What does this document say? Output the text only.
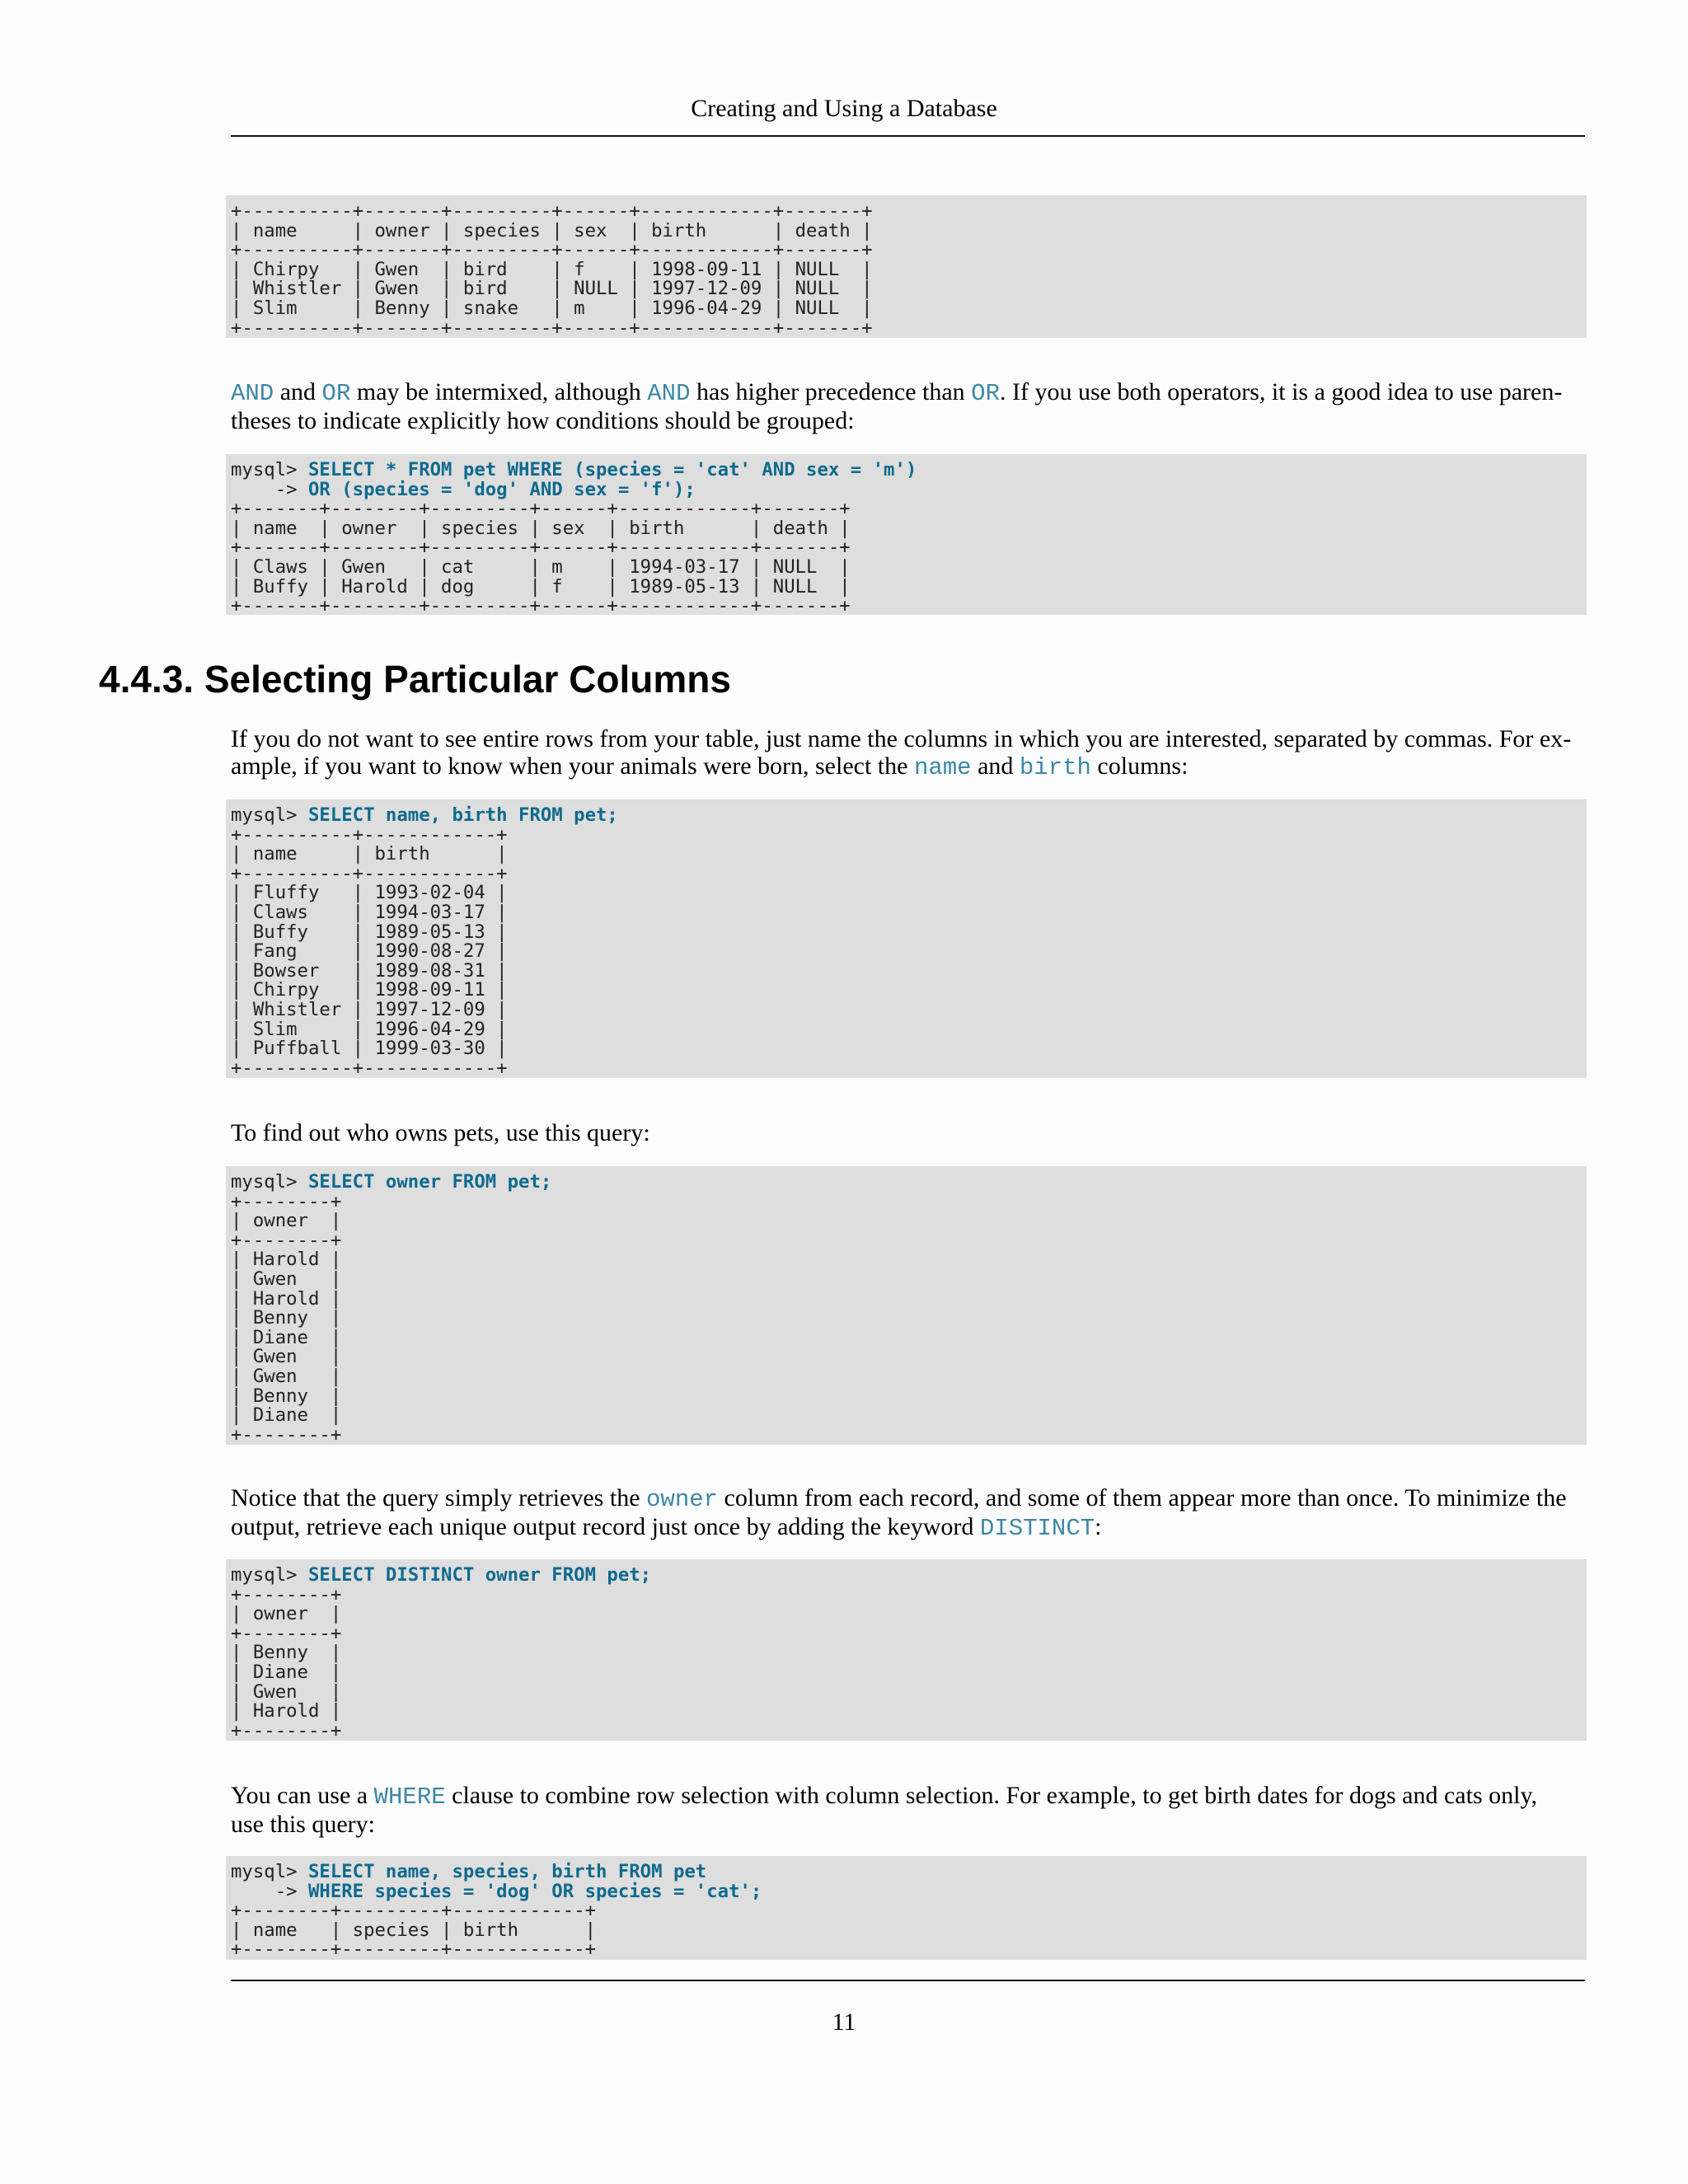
Creating and Using a Database
+----------+-------+---------+------+------------+-------+
| name     | owner | species | sex  | birth      | death |
+----------+-------+---------+------+------------+-------+
| Chirpy   | Gwen  | bird    | f    | 1998-09-11 | NULL  |
| Whistler | Gwen  | bird    | NULL | 1997-12-09 | NULL  |
| Slim     | Benny | snake   | m    | 1996-04-29 | NULL  |
+----------+-------+---------+------+------------+-------+
AND and OR may be intermixed, although AND has higher precedence than OR. If you use both operators, it is a good idea to use paren-
theses to indicate explicitly how conditions should be grouped:
mysql> SELECT * FROM pet WHERE (species = 'cat' AND sex = 'm')
-> OR (species = 'dog' AND sex = 'f');
+-------+--------+---------+------+------------+-------+
| name  | owner  | species | sex  | birth      | death |
+-------+--------+---------+------+------------+-------+
| Claws | Gwen   | cat     | m    | 1994-03-17 | NULL  |
| Buffy | Harold | dog     | f    | 1989-05-13 | NULL  |
+-------+--------+---------+------+------------+-------+
4.4.3. Selecting Particular Columns
If you do not want to see entire rows from your table, just name the columns in which you are interested, separated by commas. For ex-
ample, if you want to know when your animals were born, select the name and birth columns:
mysql> SELECT name, birth FROM pet;
+----------+------------+
| name     | birth      |
+----------+------------+
| Fluffy   | 1993-02-04 |
| Claws    | 1994-03-17 |
| Buffy    | 1989-05-13 |
| Fang     | 1990-08-27 |
| Bowser   | 1989-08-31 |
| Chirpy   | 1998-09-11 |
| Whistler | 1997-12-09 |
| Slim     | 1996-04-29 |
| Puffball | 1999-03-30 |
+----------+------------+
To find out who owns pets, use this query:
mysql> SELECT owner FROM pet;
+--------+
| owner  |
+--------+
| Harold |
| Gwen   |
| Harold |
| Benny  |
| Diane  |
| Gwen   |
| Gwen   |
| Benny  |
| Diane  |
+--------+
Notice that the query simply retrieves the owner column from each record, and some of them appear more than once. To minimize the
output, retrieve each unique output record just once by adding the keyword DISTINCT:
mysql> SELECT DISTINCT owner FROM pet;
+--------+
| owner  |
+--------+
| Benny  |
| Diane  |
| Gwen   |
| Harold |
+--------+
You can use a WHERE clause to combine row selection with column selection. For example, to get birth dates for dogs and cats only,
use this query:
mysql> SELECT name, species, birth FROM pet
-> WHERE species = 'dog' OR species = 'cat';
+--------+---------+------------+
| name   | species | birth      |
+--------+---------+------------+
11
